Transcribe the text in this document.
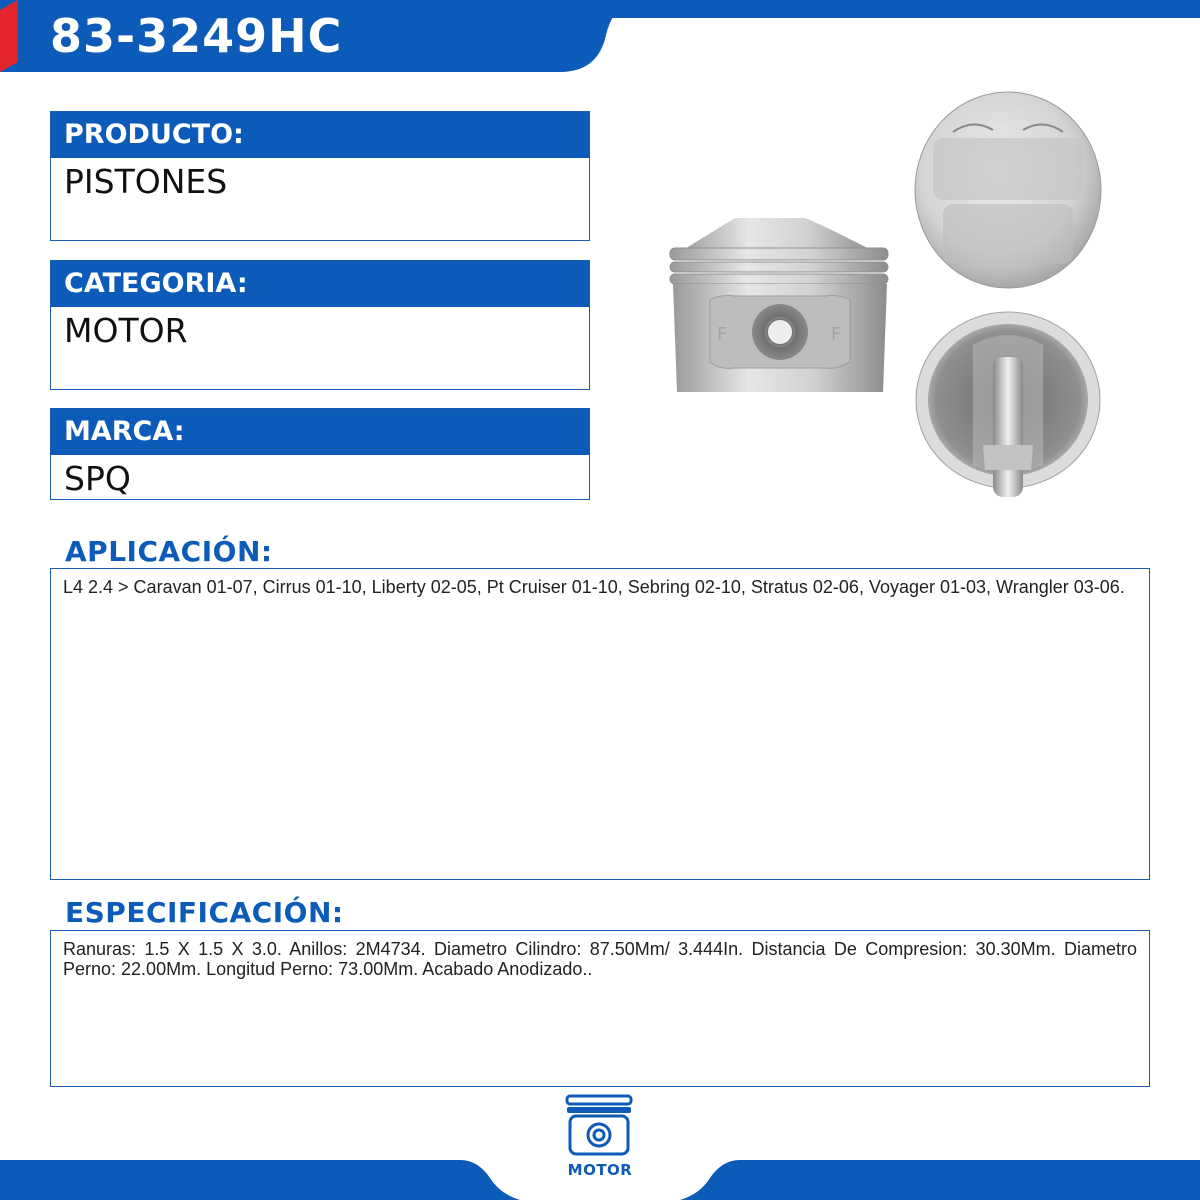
83-3249HC
PRODUCTO:
PISTONES
CATEGORIA:
MOTOR
MARCA:
SPQ
F	F
APLICACIÓN:
L4 2.4 > Caravan 01-07, Cirrus 01-10, Liberty 02-05, Pt Cruiser 01-10, Sebring 02-10, Stratus 02-06, Voyager 01-03, Wrangler 03-06.
ESPECIFICACIÓN:
Ranuras: 1.5 X 1.5 X 3.0. Anillos: 2M4734. Diametro Cilindro: 87.50Mm/ 3.444In. Distancia De Compresion: 30.30Mm. Diametro Perno: 22.00Mm. Longitud Perno: 73.00Mm. Acabado Anodizado..
MOTOR
